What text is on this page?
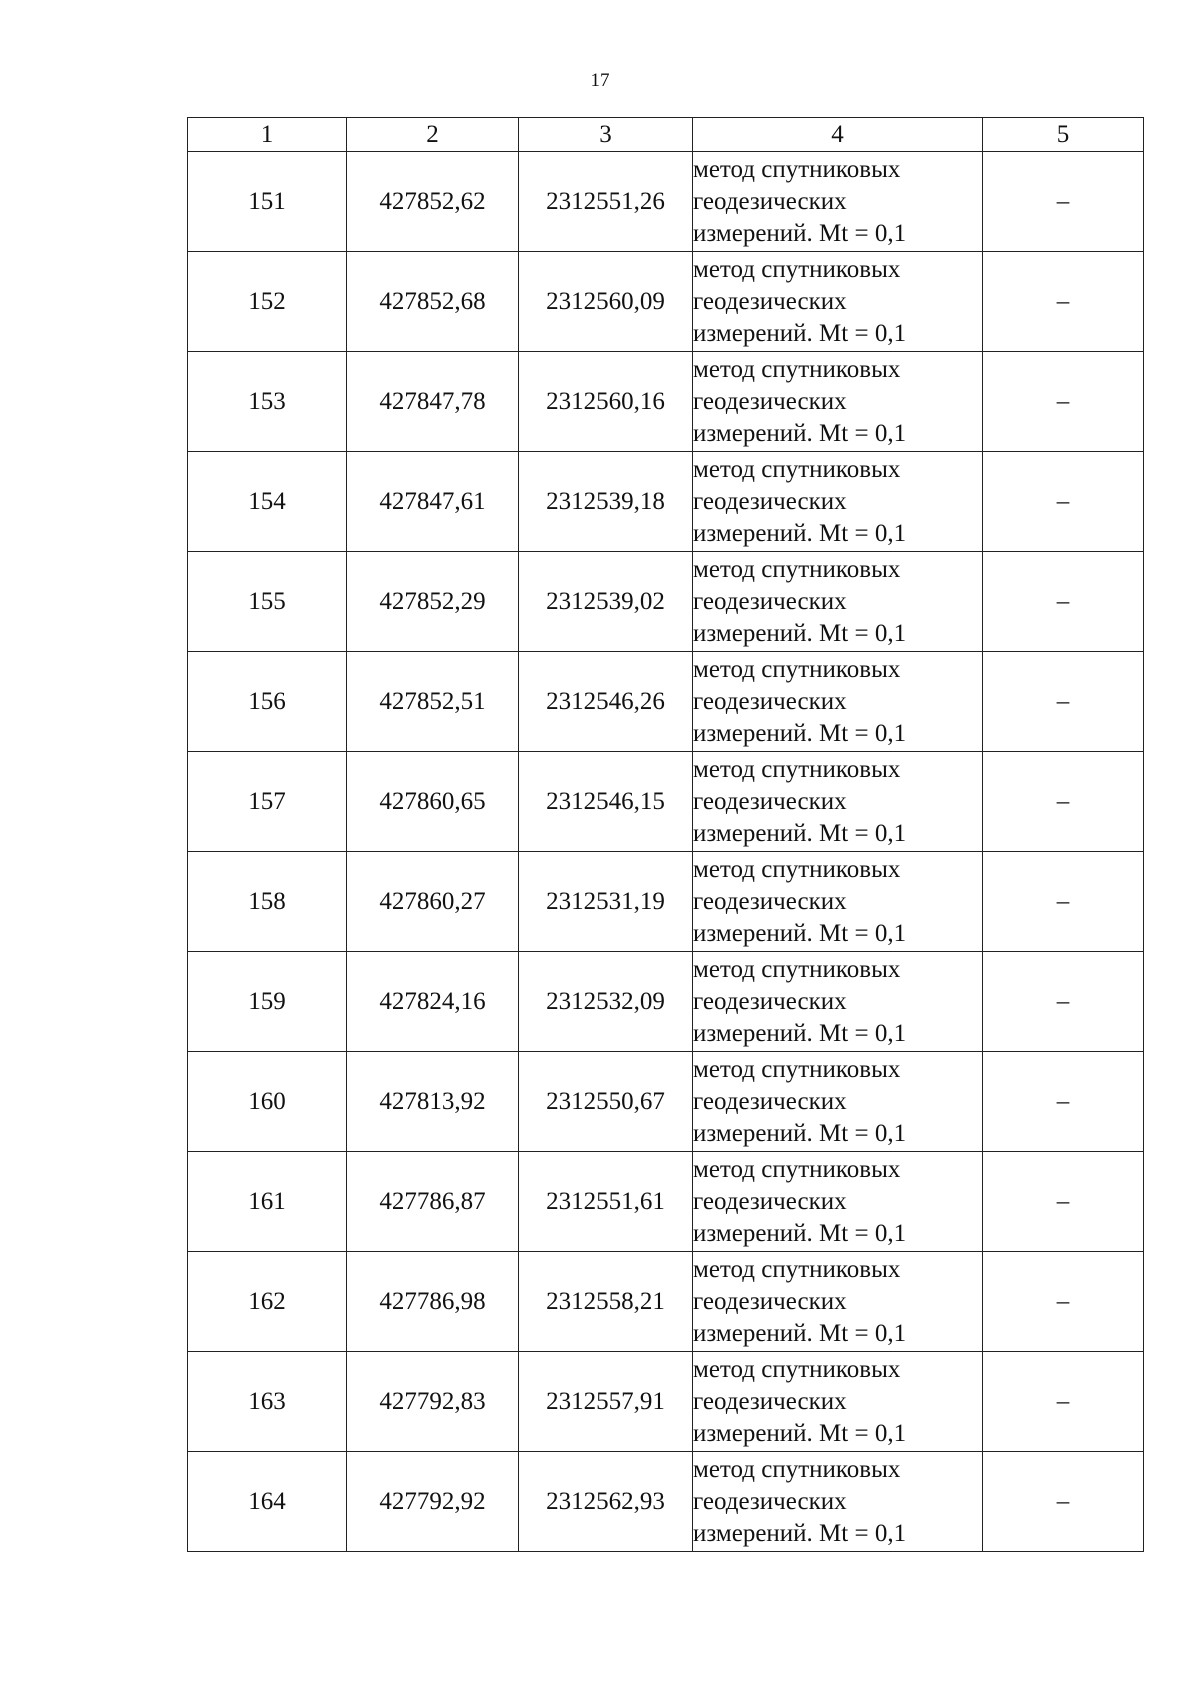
17
1	2	3	4	5
151	427852,62	2312551,26	метод спутниковых
геодезических
измерений. Mt = 0,1	–
152	427852,68	2312560,09	метод спутниковых
геодезических
измерений. Mt = 0,1	–
153	427847,78	2312560,16	метод спутниковых
геодезических
измерений. Mt = 0,1	–
154	427847,61	2312539,18	метод спутниковых
геодезических
измерений. Mt = 0,1	–
155	427852,29	2312539,02	метод спутниковых
геодезических
измерений. Mt = 0,1	–
156	427852,51	2312546,26	метод спутниковых
геодезических
измерений. Mt = 0,1	–
157	427860,65	2312546,15	метод спутниковых
геодезических
измерений. Mt = 0,1	–
158	427860,27	2312531,19	метод спутниковых
геодезических
измерений. Mt = 0,1	–
159	427824,16	2312532,09	метод спутниковых
геодезических
измерений. Mt = 0,1	–
160	427813,92	2312550,67	метод спутниковых
геодезических
измерений. Mt = 0,1	–
161	427786,87	2312551,61	метод спутниковых
геодезических
измерений. Mt = 0,1	–
162	427786,98	2312558,21	метод спутниковых
геодезических
измерений. Mt = 0,1	–
163	427792,83	2312557,91	метод спутниковых
геодезических
измерений. Mt = 0,1	–
164	427792,92	2312562,93	метод спутниковых
геодезических
измерений. Mt = 0,1	–
